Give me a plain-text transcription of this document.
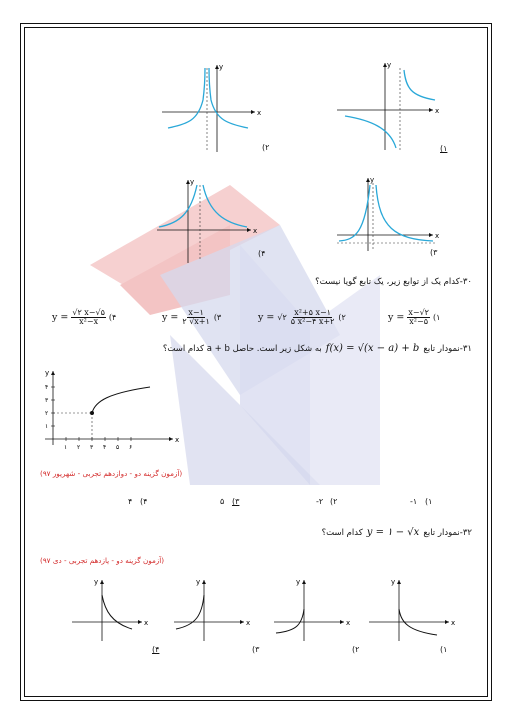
x
y
(۲
x
y
(۱
x
y
(۴
x
y
(۳
۳۰-کدام یک از توابع زیر، یک تابع گویا نیست؟
$y = \frac{x-√۲}{\text{x²−۵}}$ (۱
y = √۲ $\frac{\text{x²+۵ x−۱}}{\text{۵ x²−۴ x+۲}}$ (۲
$y = \frac{x-۱}{۲ √x+۱}$ (۳
$y = \frac{√۲ x-√۵}{\text{x²−x}}$ (۴
به شکل زیر است. حاصل a + b کدام است؟ f(x) = √(x − a) + b ۳۱-نمودار تابع
۱ ۲ ۳ ۴ ۵ ۶
۱
۲
۳
۴
x
y
(آزمون گزینه دو - دوازدهم تجربی - شهریور ۹۷)
(۱
-۱
(۲
-۲
(۳
۵
(۴
۴
کدام است؟ y = ۱ − √x ۳۲-نمودار تابع
(آزمون گزینه دو - یازدهم تجربی - دی ۹۷)
x
y
(۴
x
y
(۳
x
y
(۲
x
y
(۱
